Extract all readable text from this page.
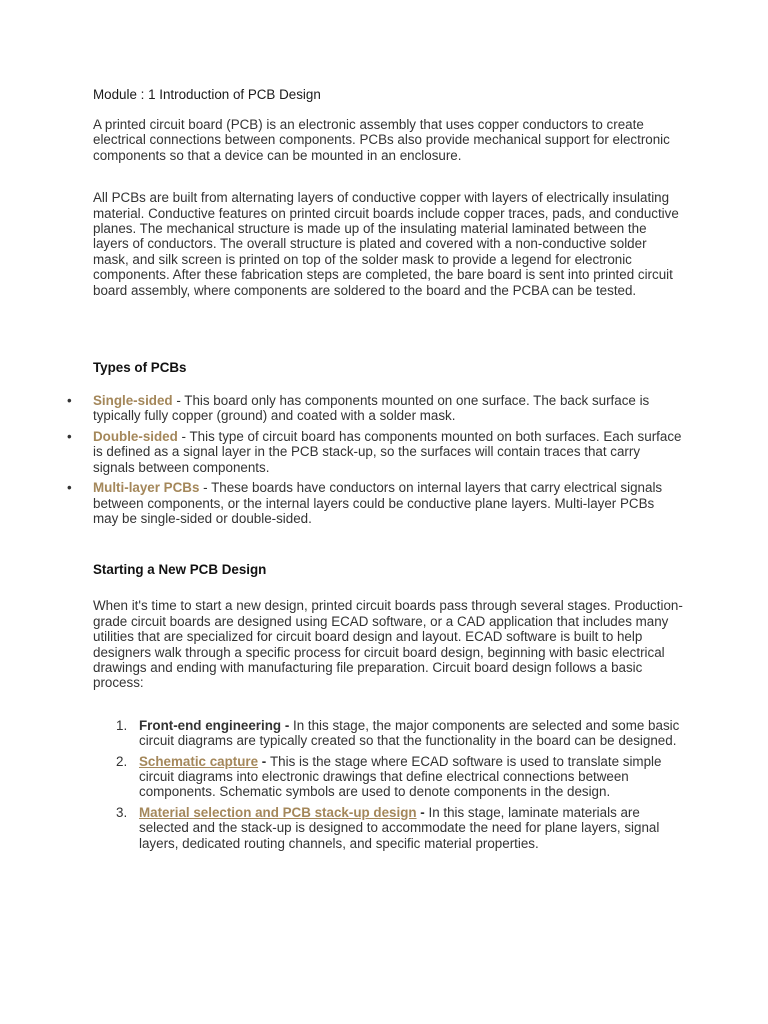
Module : 1 Introduction of PCB Design

A printed circuit board (PCB) is an electronic assembly that uses copper conductors to create electrical connections between components. PCBs also provide mechanical support for electronic components so that a device can be mounted in an enclosure.

All PCBs are built from alternating layers of conductive copper with layers of electrically insulating material. Conductive features on printed circuit boards include copper traces, pads, and conductive planes. The mechanical structure is made up of the insulating material laminated between the layers of conductors. The overall structure is plated and covered with a non-conductive solder mask, and silk screen is printed on top of the solder mask to provide a legend for electronic components. After these fabrication steps are completed, the bare board is sent into printed circuit board assembly, where components are soldered to the board and the PCBA can be tested.

Types of PCBs
• Single-sided - This board only has components mounted on one surface. The back surface is typically fully copper (ground) and coated with a solder mask.
• Double-sided - This type of circuit board has components mounted on both surfaces. Each surface is defined as a signal layer in the PCB stack-up, so the surfaces will contain traces that carry signals between components.
• Multi-layer PCBs - These boards have conductors on internal layers that carry electrical signals between components, or the internal layers could be conductive plane layers. Multi-layer PCBs may be single-sided or double-sided.
Starting a New PCB Design

When it's time to start a new design, printed circuit boards pass through several stages. Production-grade circuit boards are designed using ECAD software, or a CAD application that includes many utilities that are specialized for circuit board design and layout. ECAD software is built to help designers walk through a specific process for circuit board design, beginning with basic electrical drawings and ending with manufacturing file preparation. Circuit board design follows a basic process:

1. Front-end engineering - In this stage, the major components are selected and some basic circuit diagrams are typically created so that the functionality in the board can be designed.
2. Schematic capture - This is the stage where ECAD software is used to translate simple circuit diagrams into electronic drawings that define electrical connections between components. Schematic symbols are used to denote components in the design.
3. Material selection and PCB stack-up design - In this stage, laminate materials are selected and the stack-up is designed to accommodate the need for plane layers, signal layers, dedicated routing channels, and specific material properties.
